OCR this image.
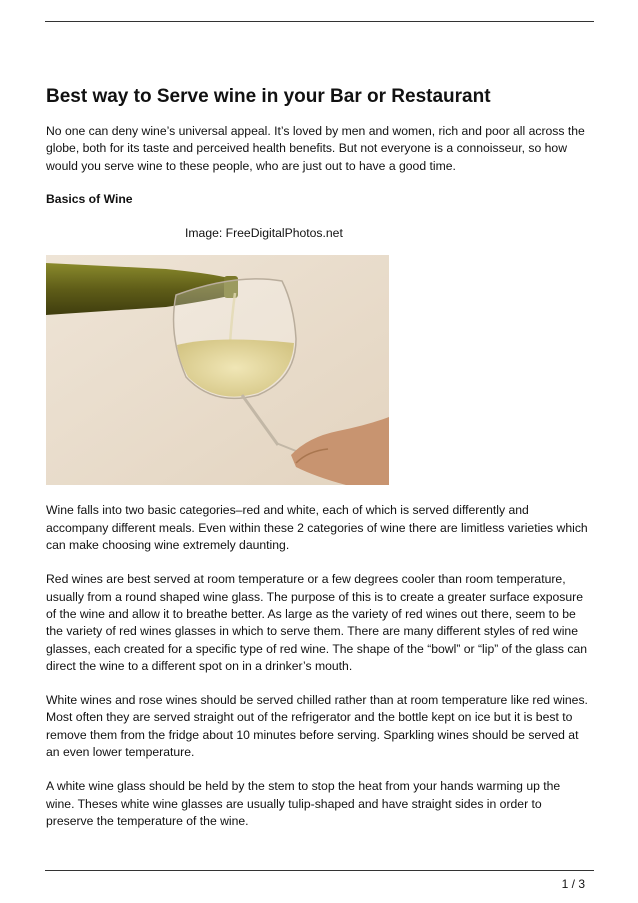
Best way to Serve wine in your Bar or Restaurant

No one can deny wine’s universal appeal. It’s loved by men and women, rich and poor all across the globe, both for its taste and perceived health benefits. But not everyone is a connoisseur, so how would you serve wine to these people, who are just out to have a good time.

Basics of Wine

Image: FreeDigitalPhotos.net

Wine falls into two basic categories–red and white, each of which is served differently and accompany different meals. Even within these 2 categories of wine there are limitless varieties which can make choosing wine extremely daunting.

Red wines are best served at room temperature or a few degrees cooler than room temperature, usually from a round shaped wine glass. The purpose of this is to create a greater surface exposure of the wine and allow it to breathe better. As large as the variety of red wines out there, seem to be the variety of red wines glasses in which to serve them. There are many different styles of red wine glasses, each created for a specific type of red wine. The shape of the “bowl” or “lip” of the glass can direct the wine to a different spot on in a drinker’s mouth.

White wines and rose wines should be served chilled rather than at room temperature like red wines. Most often they are served straight out of the refrigerator and the bottle kept on ice but it is best to remove them from the fridge about 10 minutes before serving. Sparkling wines should be served at an even lower temperature.

A white wine glass should be held by the stem to stop the heat from your hands warming up the wine. Theses white wine glasses are usually tulip-shaped and have straight sides in order to preserve the temperature of the wine.

1 / 3
